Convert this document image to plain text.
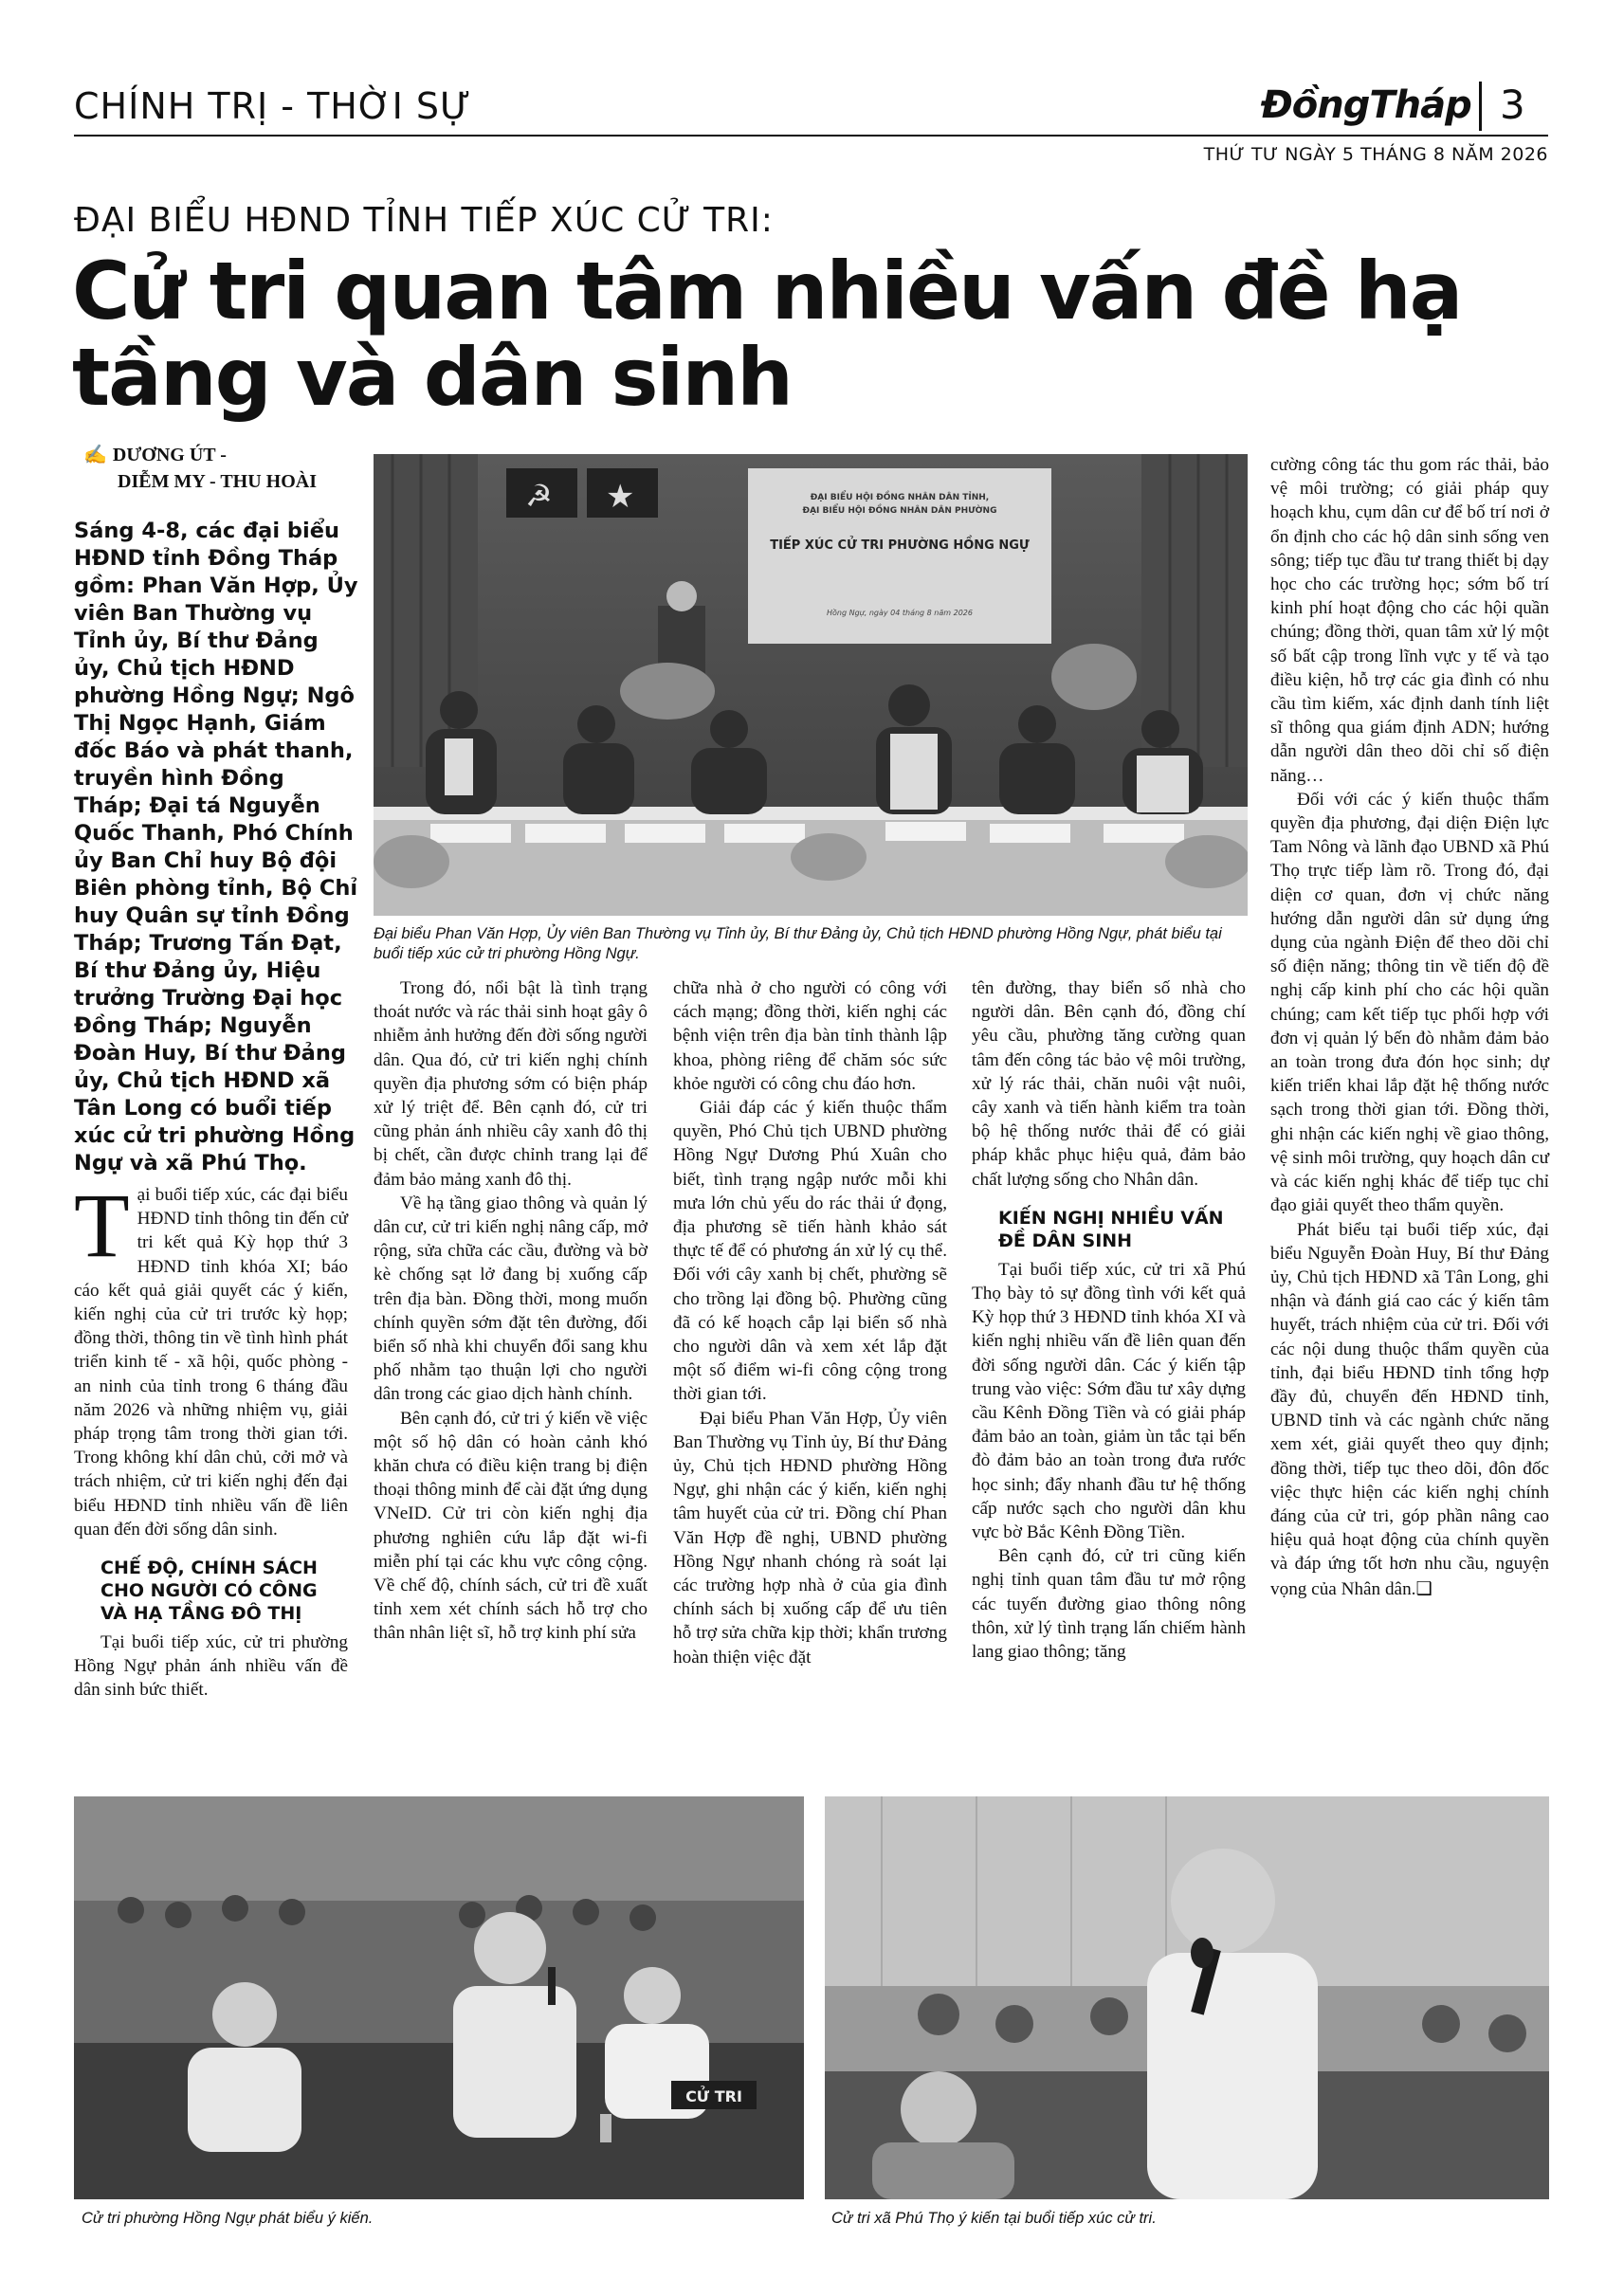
CHÍNH TRỊ - THỜI SỰ	ĐồngTháp 3
THỨ TƯ NGÀY 5 THÁNG 8 NĂM 2026
ĐẠI BIỂU HĐND TỈNH TIẾP XÚC CỬ TRI:
Cử tri quan tâm nhiều vấn đề hạ tầng và dân sinh
✍ DƯƠNG ÚT -
DIỄM MY - THU HOÀI
Sáng 4-8, các đại biểu HĐND tỉnh Đồng Tháp gồm: Phan Văn Hợp, Ủy viên Ban Thường vụ Tỉnh ủy, Bí thư Đảng ủy, Chủ tịch HĐND phường Hồng Ngự; Ngô Thị Ngọc Hạnh, Giám đốc Báo và phát thanh, truyền hình Đồng Tháp; Đại tá Nguyễn Quốc Thanh, Phó Chính ủy Ban Chỉ huy Bộ đội Biên phòng tỉnh, Bộ Chỉ huy Quân sự tỉnh Đồng Tháp; Trương Tấn Đạt, Bí thư Đảng ủy, Hiệu trưởng Trường Đại học Đồng Tháp; Nguyễn Đoàn Huy, Bí thư Đảng ủy, Chủ tịch HĐND xã Tân Long có buổi tiếp xúc cử tri phường Hồng Ngự và xã Phú Thọ.
☭ ★	ĐẠI BIỂU HỘI ĐỒNG NHÂN DÂN TỈNH,
ĐẠI BIỂU HỘI ĐỒNG NHÂN DÂN PHƯỜNG
TIẾP XÚC CỬ TRI PHƯỜNG HỒNG NGỰ
Hồng Ngự, ngày 04 tháng 8 năm 2026
Đại biểu Phan Văn Hợp, Ủy viên Ban Thường vụ Tỉnh ủy, Bí thư Đảng ủy, Chủ tịch HĐND phường Hồng Ngự, phát biểu tại buổi tiếp xúc cử tri phường Hồng Ngự.

Tại buổi tiếp xúc, các đại biểu HĐND tỉnh thông tin đến cử tri kết quả Kỳ họp thứ 3 HĐND tỉnh khóa XI; báo cáo kết quả giải quyết các ý kiến, kiến nghị của cử tri trước kỳ họp; đồng thời, thông tin về tình hình phát triển kinh tế - xã hội, quốc phòng - an ninh của tỉnh trong 6 tháng đầu năm 2026 và những nhiệm vụ, giải pháp trọng tâm trong thời gian tới. Trong không khí dân chủ, cởi mở và trách nhiệm, cử tri kiến nghị đến đại biểu HĐND tỉnh nhiều vấn đề liên quan đến đời sống dân sinh.

CHẾ ĐỘ, CHÍNH SÁCH CHO NGƯỜI CÓ CÔNG VÀ HẠ TẦNG ĐÔ THỊ

Tại buổi tiếp xúc, cử tri phường Hồng Ngự phản ánh nhiều vấn đề dân sinh bức thiết.

Trong đó, nổi bật là tình trạng thoát nước và rác thải sinh hoạt gây ô nhiễm ảnh hưởng đến đời sống người dân. Qua đó, cử tri kiến nghị chính quyền địa phương sớm có biện pháp xử lý triệt để. Bên cạnh đó, cử tri cũng phản ánh nhiều cây xanh đô thị bị chết, cần được chỉnh trang lại để đảm bảo mảng xanh đô thị.

Về hạ tầng giao thông và quản lý dân cư, cử tri kiến nghị nâng cấp, mở rộng, sửa chữa các cầu, đường và bờ kè chống sạt lở đang bị xuống cấp trên địa bàn. Đồng thời, mong muốn chính quyền sớm đặt tên đường, đối biển số nhà khi chuyển đổi sang khu phố nhằm tạo thuận lợi cho người dân trong các giao dịch hành chính.

Bên cạnh đó, cử tri ý kiến về việc một số hộ dân có hoàn cảnh khó khăn chưa có điều kiện trang bị điện thoại thông minh để cài đặt ứng dụng VNeID. Cử tri còn kiến nghị địa phương nghiên cứu lắp đặt wi-fi miễn phí tại các khu vực công cộng. Về chế độ, chính sách, cử tri đề xuất tỉnh xem xét chính sách hỗ trợ cho thân nhân liệt sĩ, hỗ trợ kinh phí sửa

chữa nhà ở cho người có công với cách mạng; đồng thời, kiến nghị các bệnh viện trên địa bàn tỉnh thành lập khoa, phòng riêng để chăm sóc sức khỏe người có công chu đáo hơn.

Giải đáp các ý kiến thuộc thẩm quyền, Phó Chủ tịch UBND phường Hồng Ngự Dương Phú Xuân cho biết, tình trạng ngập nước mỗi khi mưa lớn chủ yếu do rác thải ứ đọng, địa phương sẽ tiến hành khảo sát thực tế để có phương án xử lý cụ thể. Đối với cây xanh bị chết, phường sẽ cho trồng lại đồng bộ. Phường cũng đã có kế hoạch cắp lại biển số nhà cho người dân và xem xét lắp đặt một số điểm wi-fi công cộng trong thời gian tới.

Đại biểu Phan Văn Hợp, Ủy viên Ban Thường vụ Tỉnh ủy, Bí thư Đảng ủy, Chủ tịch HĐND phường Hồng Ngự, ghi nhận các ý kiến, kiến nghị tâm huyết của cử tri. Đồng chí Phan Văn Hợp đề nghị, UBND phường Hồng Ngự nhanh chóng rà soát lại các trường hợp nhà ở của gia đình chính sách bị xuống cấp để ưu tiên hỗ trợ sửa chữa kịp thời; khẩn trương hoàn thiện việc đặt

tên đường, thay biển số nhà cho người dân. Bên cạnh đó, đồng chí yêu cầu, phường tăng cường quan tâm đến công tác bảo vệ môi trường, xử lý rác thải, chăn nuôi vật nuôi, cây xanh và tiến hành kiểm tra toàn bộ hệ thống nước thải để có giải pháp khắc phục hiệu quả, đảm bảo chất lượng sống cho Nhân dân.

KIẾN NGHỊ NHIỀU VẤN ĐỀ DÂN SINH

Tại buổi tiếp xúc, cử tri xã Phú Thọ bày tỏ sự đồng tình với kết quả Kỳ họp thứ 3 HĐND tỉnh khóa XI và kiến nghị nhiều vấn đề liên quan đến đời sống người dân. Các ý kiến tập trung vào việc: Sớm đầu tư xây dựng cầu Kênh Đồng Tiền và có giải pháp đảm bảo an toàn, giảm ùn tắc tại bến đò đảm bảo an toàn trong đưa rước học sinh; đẩy nhanh đầu tư hệ thống cấp nước sạch cho người dân khu vực bờ Bắc Kênh Đồng Tiền.

Bên cạnh đó, cử tri cũng kiến nghị tỉnh quan tâm đầu tư mở rộng các tuyến đường giao thông nông thôn, xử lý tình trạng lấn chiếm hành lang giao thông; tăng

cường công tác thu gom rác thải, bảo vệ môi trường; có giải pháp quy hoạch khu, cụm dân cư để bố trí nơi ở ổn định cho các hộ dân sinh sống ven sông; tiếp tục đầu tư trang thiết bị dạy học cho các trường học; sớm bố trí kinh phí hoạt động cho các hội quần chúng; đồng thời, quan tâm xử lý một số bất cập trong lĩnh vực y tế và tạo điều kiện, hỗ trợ các gia đình có nhu cầu tìm kiếm, xác định danh tính liệt sĩ thông qua giám định ADN; hướng dẫn người dân theo dõi chỉ số điện năng…

Đối với các ý kiến thuộc thẩm quyền địa phương, đại diện Điện lực Tam Nông và lãnh đạo UBND xã Phú Thọ trực tiếp làm rõ. Trong đó, đại diện cơ quan, đơn vị chức năng hướng dẫn người dân sử dụng ứng dụng của ngành Điện để theo dõi chỉ số điện năng; thông tin về tiến độ đề nghị cấp kinh phí cho các hội quần chúng; cam kết tiếp tục phối hợp với đơn vị quản lý bến đò nhằm đảm bảo an toàn trong đưa đón học sinh; dự kiến triển khai lắp đặt hệ thống nước sạch trong thời gian tới. Đồng thời, ghi nhận các kiến nghị về giao thông, vệ sinh môi trường, quy hoạch dân cư và các kiến nghị khác để tiếp tục chỉ đạo giải quyết theo thẩm quyền.

Phát biểu tại buổi tiếp xúc, đại biểu Nguyễn Đoàn Huy, Bí thư Đảng ủy, Chủ tịch HĐND xã Tân Long, ghi nhận và đánh giá cao các ý kiến tâm huyết, trách nhiệm của cử tri. Đối với các nội dung thuộc thẩm quyền của tỉnh, đại biểu HĐND tỉnh tổng hợp đầy đủ, chuyển đến HĐND tỉnh, UBND tỉnh và các ngành chức năng xem xét, giải quyết theo quy định; đồng thời, tiếp tục theo dõi, đôn đốc việc thực hiện các kiến nghị chính đáng của cử tri, góp phần nâng cao hiệu quả hoạt động của chính quyền và đáp ứng tốt hơn nhu cầu, nguyện vọng của Nhân dân.❑

CỬ TRI
Cử tri phường Hồng Ngự phát biểu ý kiến.	Cử tri xã Phú Thọ ý kiến tại buổi tiếp xúc cử tri.
